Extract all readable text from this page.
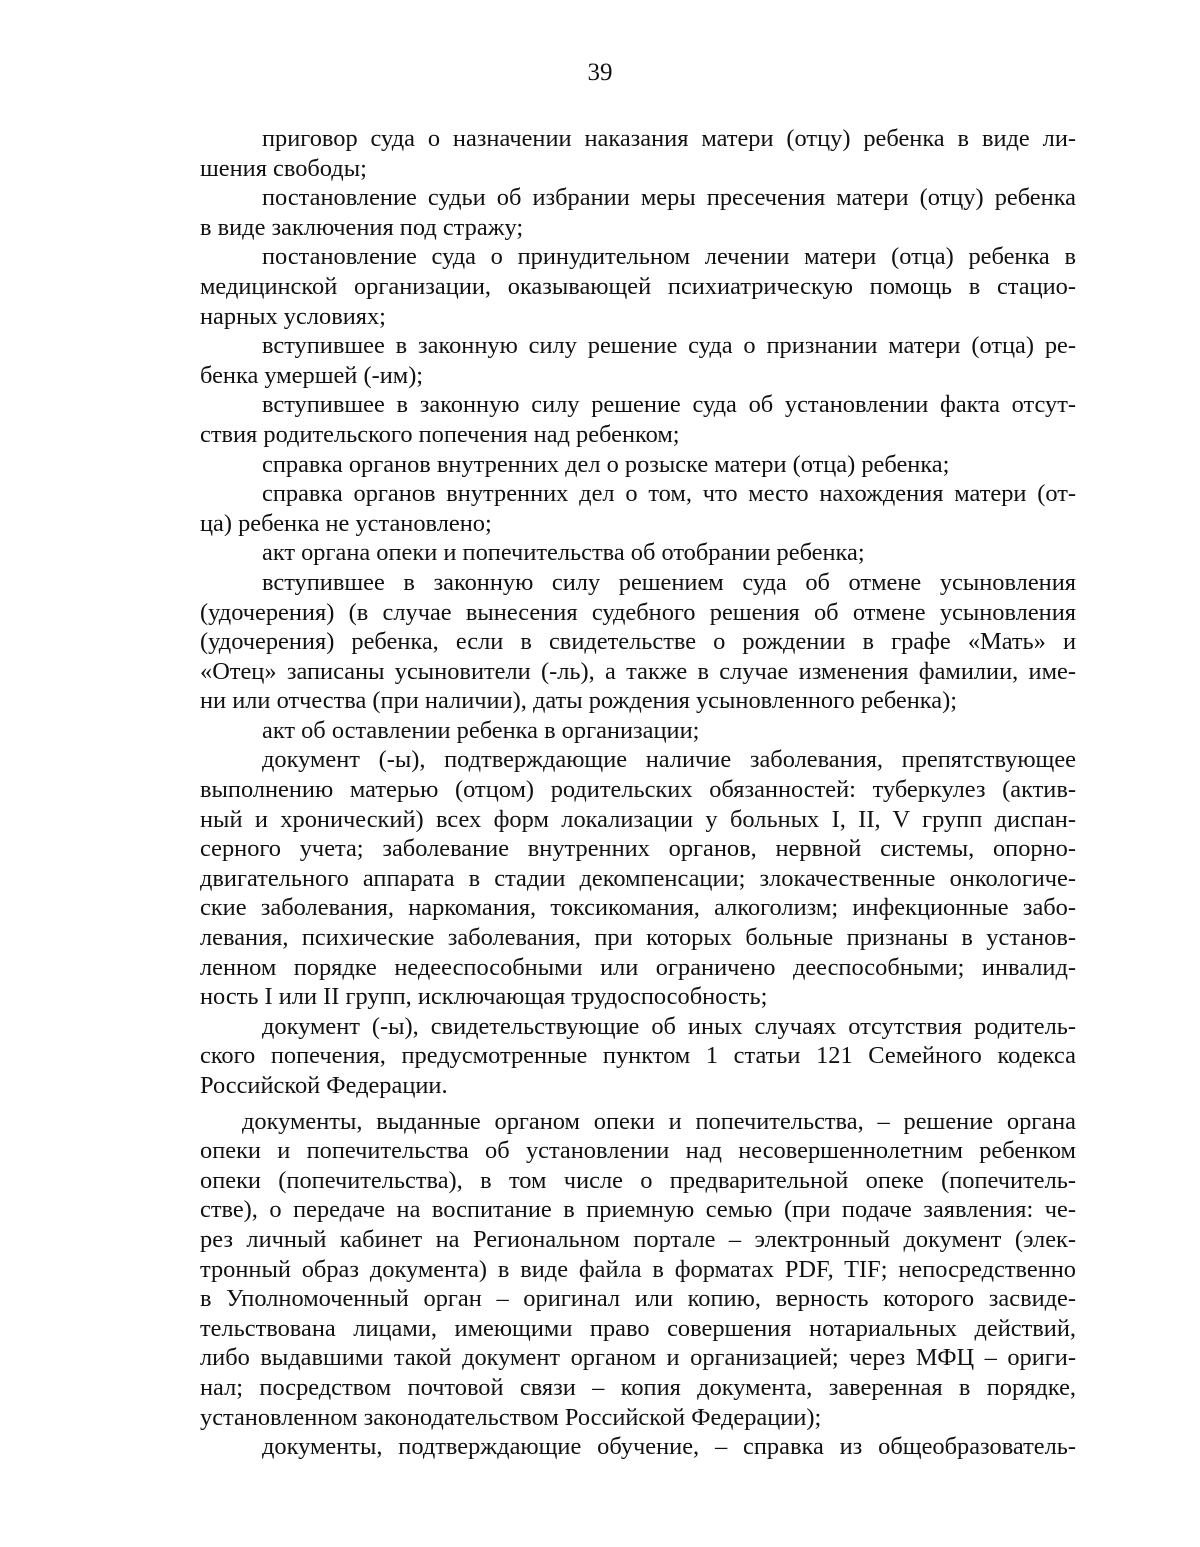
39
приговор суда о назначении наказания матери (отцу) ребенка в виде ли-
шения свободы;
постановление судьи об избрании меры пресечения матери (отцу) ребенка
в виде заключения под стражу;
постановление суда о принудительном лечении матери (отца) ребенка в
медицинской организации, оказывающей психиатрическую помощь в стацио-
нарных условиях;
вступившее в законную силу решение суда о признании матери (отца) ре-
бенка умершей (-им);
вступившее в законную силу решение суда об установлении факта отсут-
ствия родительского попечения над ребенком;
справка органов внутренних дел о розыске матери (отца) ребенка;
справка органов внутренних дел о том, что место нахождения матери (от-
ца) ребенка не установлено;
акт органа опеки и попечительства об отобрании ребенка;
вступившее в законную силу решением суда об отмене усыновления
(удочерения) (в случае вынесения судебного решения об отмене усыновления
(удочерения) ребенка, если в свидетельстве о рождении в графе «Мать» и
«Отец» записаны усыновители (-ль), а также в случае изменения фамилии, име-
ни или отчества (при наличии), даты рождения усыновленного ребенка);
акт об оставлении ребенка в организации;
документ (-ы), подтверждающие наличие заболевания, препятствующее
выполнению матерью (отцом) родительских обязанностей: туберкулез (актив-
ный и хронический) всех форм локализации у больных I, II, V групп диспан-
серного учета; заболевание внутренних органов, нервной системы, опорно-
двигательного аппарата в стадии декомпенсации; злокачественные онкологиче-
ские заболевания, наркомания, токсикомания, алкоголизм; инфекционные забо-
левания, психические заболевания, при которых больные признаны в установ-
ленном порядке недееспособными или ограничено дееспособными; инвалид-
ность I или II групп, исключающая трудоспособность;
документ (-ы), свидетельствующие об иных случаях отсутствия родитель-
ского попечения, предусмотренные пунктом 1 статьи 121 Семейного кодекса
Российской Федерации.
документы, выданные органом опеки и попечительства, – решение органа
опеки и попечительства об установлении над несовершеннолетним ребенком
опеки (попечительства), в том числе о предварительной опеке (попечитель-
стве), о передаче на воспитание в приемную семью (при подаче заявления: че-
рез личный кабинет на Региональном портале – электронный документ (элек-
тронный образ документа) в виде файла в форматах PDF, TIF; непосредственно
в Уполномоченный орган – оригинал или копию, верность которого засвиде-
тельствована лицами, имеющими право совершения нотариальных действий,
либо выдавшими такой документ органом и организацией; через МФЦ – ориги-
нал; посредством почтовой связи – копия документа, заверенная в порядке,
установленном законодательством Российской Федерации);
документы, подтверждающие обучение, – справка из общеобразователь-
